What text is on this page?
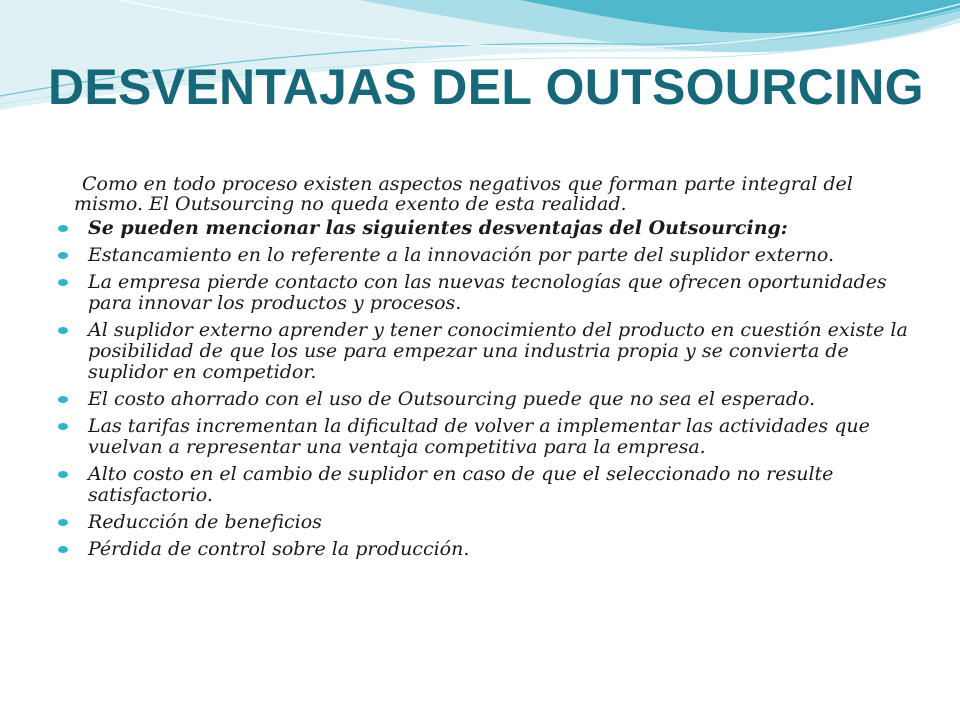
DESVENTAJAS DEL OUTSOURCING

Como en todo proceso existen aspectos negativos que forman parte integral del mismo. El Outsourcing no queda exento de esta realidad.

Se pueden mencionar las siguientes desventajas del Outsourcing:
Estancamiento en lo referente a la innovación por parte del suplidor externo.
La empresa pierde contacto con las nuevas tecnologías que ofrecen oportunidades para innovar los productos y procesos.
Al suplidor externo aprender y tener conocimiento del producto en cuestión existe la posibilidad de que los use para empezar una industria propia y se convierta de suplidor en competidor.
El costo ahorrado con el uso de Outsourcing puede que no sea el esperado.
Las tarifas incrementan la dificultad de volver a implementar las actividades que vuelvan a representar una ventaja competitiva para la empresa.
Alto costo en el cambio de suplidor en caso de que el seleccionado no resulte satisfactorio.
Reducción de beneficios
Pérdida de control sobre la producción.
